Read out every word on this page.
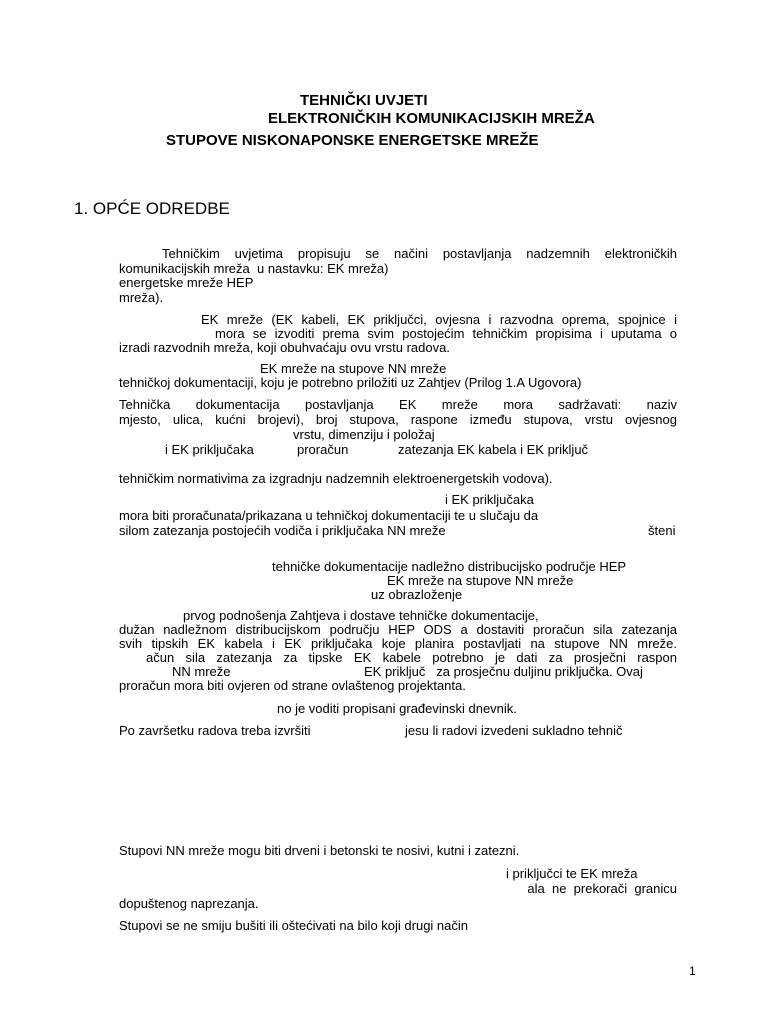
TEHNIČKI UVJETI
ELEKTRONIČKIH KOMUNIKACIJSKIH MREŽA
STUPOVE NISKONAPONSKE ENERGETSKE MREŽE
1. OPĆE ODREDBE
Tehničkim uvjetima propisuju se načini postavljanja nadzemnih elektroničkih
komunikacijskih mreža  u nastavku: EK mreža)
energetske mreže HEP
mreža).
EK mreže (EK kabeli, EK priključci, ovjesna i razvodna oprema, spojnice i
mora se izvoditi prema svim postojećim tehničkim propisima i uputama o
izradi razvodnih mreža, koji obuhvaćaju ovu vrstu radova.
EK mreže na stupove NN mreže
tehničkoj dokumentaciji, koju je potrebno priložiti uz Zahtjev (Prilog 1.A Ugovora)
Tehnička dokumentacija postavljanja EK mreže mora sadržavati: naziv
mjesto, ulica, kućni brojevi), broj stupova, raspone između stupova, vrstu ovjesnog
vrstu, dimenziju i položaj
i EK priključaka	proračun	zatezanja EK kabela i EK priključ
tehničkim normativima za izgradnju nadzemnih elektroenergetskih vodova).
i EK priključaka
mora biti proračunata/prikazana u tehničkoj dokumentaciji te u slučaju da
silom zatezanja postojećih vodiča i priključaka NN mreže	šteni
tehničke dokumentacije nadležno distribucijsko područje HEP
EK mreže na stupove NN mreže
uz obrazloženje
prvog podnošenja Zahtjeva i dostave tehničke dokumentacije,
dužan nadležnom distribucijskom području HEP ODS a dostaviti proračun sila zatezanja
svih tipskih EK kabela i EK priključaka koje planira postavljati na stupove NN mreže.
ačun sila zatezanja za tipske EK kabele potrebno je dati za prosječni raspon
NN mreže	EK priključ   za prosječnu duljinu priključka. Ovaj
proračun mora biti ovjeren od strane ovlaštenog projektanta.
no je voditi propisani građevinski dnevnik.
Po završetku radova treba izvršiti	jesu li radovi izvedeni sukladno tehnič
Stupovi NN mreže mogu biti drveni i betonski te nosivi, kutni i zatezni.
i priključci te EK mreža
ala  ne  prekorači  granicu
dopuštenog naprezanja.
Stupovi se ne smiju bušiti ili oštećivati na bilo koji drugi način
1
